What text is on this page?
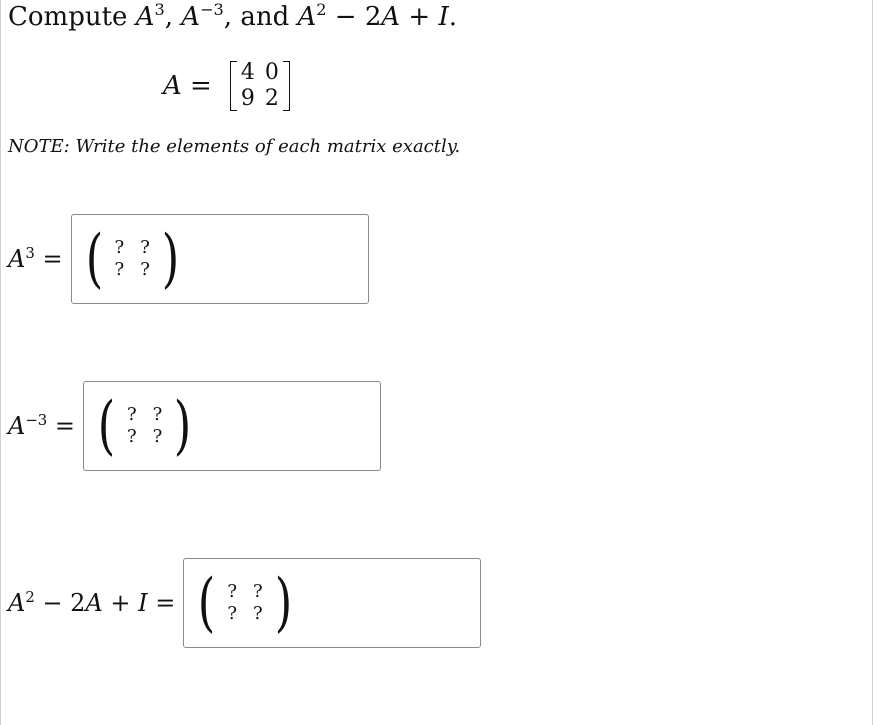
Compute $A^3$, $A^{-3}$, and $A^2 - 2A + I$.
A = 4	0
9	2
NOTE: Write the elements of each matrix exactly.
$A^3$ = ( ?	?
?	? )
$A^{-3}$ = ( ?	?
?	? )
$A^2 - 2A + I$ = ( ?	?
?	? )
